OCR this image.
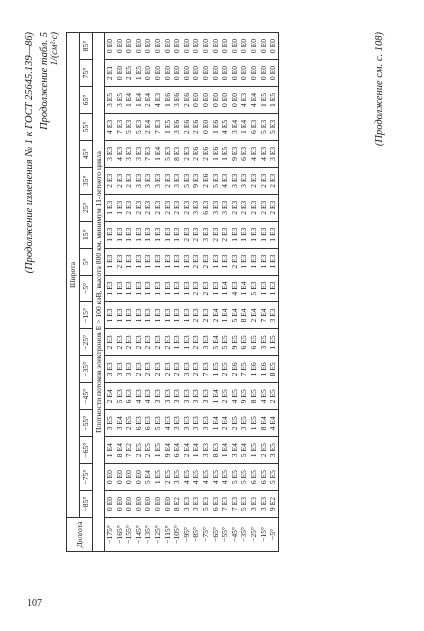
(Продолжение изменения № 1 к ГОСТ 25645.139—86) Продолжение табл. 5 1/(см²·с)
Долгота	Широта																	
	−85°	−75°	−65°	−55°	−45°	−35°	−25°	−15°	−5°	5°	15°	25°	35°	45°	55°	65°	75°	85°
Плотности потоков электронов E > 100 кэВ, высота 800 км, минимум 11-летнего цикла																		
−175°	0 E0	0 E0	1 E4	3 E5	2 E4	3 E3	2 E3	1 E3	1 E3	1 E3	1 E3	1 E3	2 E3	3 E3	4 E3	3 E5	2 E1	0 E0
−165°	0 E0	0 E0	8 E4	3 E4	5 E3	3 E3	2 E3	1 E3	1 E3	2 E3	1 E3	1 E3	2 E3	4 E3	7 E3	3 E5	0 E0	0 E0
−155°	0 E0	0 E0	7 E2	2 E5	6 E3	3 E3	2 E3	1 E3	1 E3	1 E3	1 E3	2 E3	2 E3	3 E3	5 E3	1 E4	2 E5	0 E0
−145°	0 E0	0 E0	2 E5	6 E3	4 E3	2 E3	2 E3	1 E3	1 E3	1 E3	1 E3	2 E3	3 E3	3 E3	5 E3	1 E4	1 E5	0 E0
−135°	0 E0	5 E4	2 E5	6 E3	4 E3	2 E3	2 E3	1 E3	1 E3	1 E3	1 E3	2 E3	3 E3	7 E3	2 E4	2 E4	0 E0	0 E0
−125°	0 E0	1 E5	1 E5	5 E3	3 E3	2 E3	2 E3	1 E3	1 E3	1 E3	1 E3	2 E3	3 E3	1 E4	7 E3	4 E3	0 E0	0 E0
−115°	0 E0	2 E5	9 E4	4 E3	3 E3	2 E3	2 E3	1 E3	1 E3	1 E3	1 E3	2 E3	2 E3	5 E3	1 E5	1 E6	0 E0	0 E0
−105°	8 E2	3 E5	6 E4	3 E3	3 E3	2 E3	1 E3	1 E3	1 E3	1 E3	1 E3	2 E3	3 E3	8 E3	3 E6	3 E6	0 E0	0 E0
−95°	3 E3	4 E5	2 E4	3 E3	3 E3	3 E3	1 E3	1 E3	1 E3	1 E3	2 E3	2 E3	5 E3	2 E3	2 E6	2 E6	0 E0	0 E0
−85°	3 E3	4 E5	1 E4	3 E3	3 E3	2 E3	2 E3	2 E3	2 E3	2 E3	2 E3	3 E3	9 E3	2 E6	2 E6	0 E0	0 E0	0 E0
−75°	5 E3	4 E5	3 E3	3 E3	3 E3	7 E3	3 E3	2 E3	2 E3	2 E3	3 E3	6 E3	2 E6	2 E6	0 E0	0 E0	0 E0	0 E0
−65°	6 E3	4 E5	8 E3	1 E4	1 E4	1 E5	5 E4	2 E4	1 E3	1 E3	2 E3	3 E3	5 E3	1 E6	1 E6	0 E0	0 E0	0 E0
−55°	7 E3	4 E5	1 E4	2 E4	2 E5	2 E5	5 E5	1 E4	1 E4	1 E3	2 E3	3 E3	4 E3	1 E5	4 E5	0 E0	0 E0	0 E0
−45°	7 E3	5 E5	3 E4	2 E5	4 E5	2 E6	9 E5	5 E4	4 E3	2 E3	1 E3	2 E3	3 E3	9 E3	3 E4	0 E0	0 E0	0 E0
−35°	5 E3	5 E5	5 E4	3 E5	9 E5	7 E5	6 E5	8 E4	1 E4	1 E3	1 E3	2 E3	3 E3	6 E3	1 E4	4 E3	0 E0	0 E0
−25°	3 E3	6 E5	1 E5	1 E5	8 E5	1 E6	6 E5	2 E4	5 E3	1 E3	1 E3	2 E3	2 E3	4 E3	6 E3	4 E4	0 E0	0 E0
−15°	3 E3	6 E5	2 E5	8 E4	4 E5	1 E6	3 E5	7 E4	1 E3	1 E3	1 E3	2 E3	2 E3	4 E3	5 E3	1 E5	0 E0	0 E0
−5°	9 E2	5 E5	3 E5	4 E4	2 E5	8 E5	1 E5	3 E3	1 E3	1 E3	1 E3	2 E3	2 E3	3 E3	5 E3	1 E5	0 E0	0 E0	(Продолжение см. с. 108)
107
